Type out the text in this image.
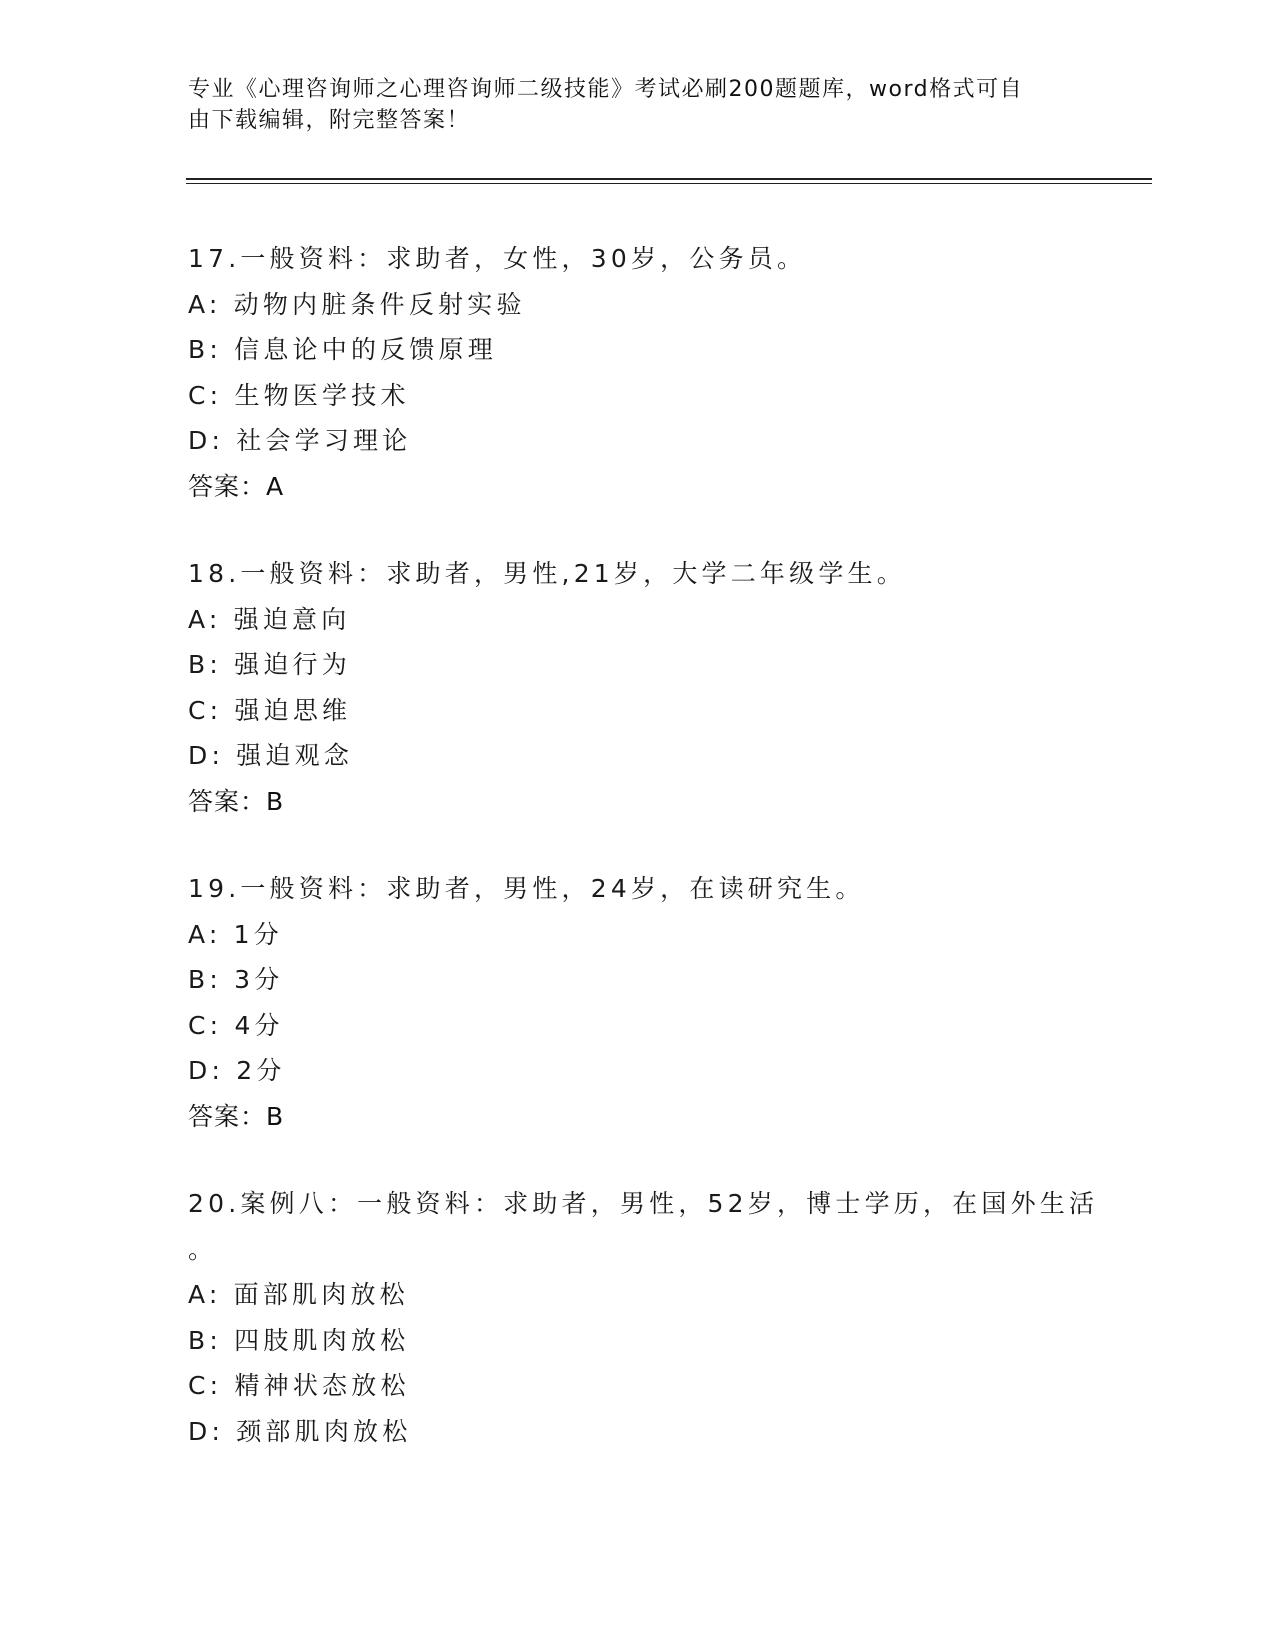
专业《心理咨询师之心理咨询师二级技能》考试必刷200题题库，word格式可自
由下载编辑，附完整答案！
17.一般资料：求助者，女性，30岁，公务员。
A: 动物内脏条件反射实验
B: 信息论中的反馈原理
C: 生物医学技术
D: 社会学习理论
答案：A
18.一般资料：求助者，男性,21岁，大学二年级学生。
A: 强迫意向
B: 强迫行为
C: 强迫思维
D: 强迫观念
答案：B
19.一般资料：求助者，男性，24岁，在读研究生。
A: 1分
B: 3分
C: 4分
D: 2分
答案：B
20.案例八：一般资料：求助者，男性，52岁，博士学历，在国外生活
。
A: 面部肌肉放松
B: 四肢肌肉放松
C: 精神状态放松
D: 颈部肌肉放松
